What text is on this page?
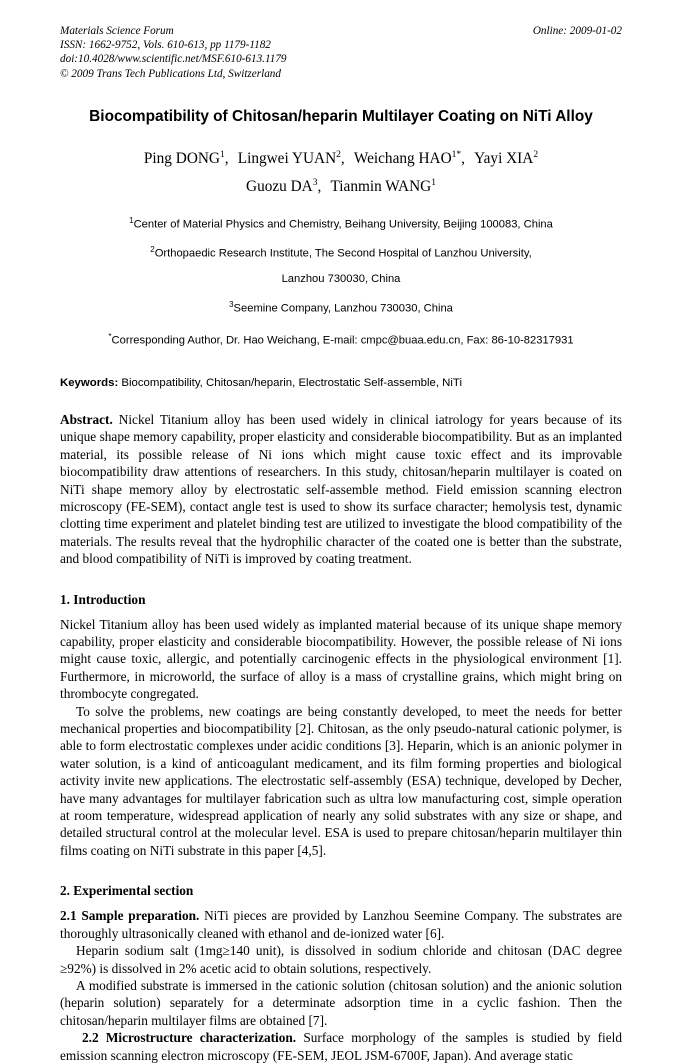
Materials Science Forum
ISSN: 1662-9752, Vols. 610-613, pp 1179-1182
doi:10.4028/www.scientific.net/MSF.610-613.1179
© 2009 Trans Tech Publications Ltd, Switzerland
Online: 2009-01-02
Biocompatibility of Chitosan/heparin Multilayer Coating on NiTi Alloy
Ping DONG$^1$,  Lingwei YUAN$^2$,  Weichang $HAO^{1*}$,  Yayi XIA$^2$
Guozu $DA^3$,  Tianmin WANG$^1$
$^1$Center of Material Physics and Chemistry, Beihang University, Beijing 100083, China
$^2$Orthopaedic Research Institute, The Second Hospital of Lanzhou University,
Lanzhou 730030, China
$^3$Seemine Company, Lanzhou 730030, China
*Corresponding Author, Dr. Hao Weichang, E-mail: cmpc@buaa.edu.cn, Fax: 86-10-82317931
Keywords: Biocompatibility, Chitosan/heparin, Electrostatic Self-assemble, NiTi
Abstract. Nickel Titanium alloy has been used widely in clinical iatrology for years because of its unique shape memory capability, proper elasticity and considerable biocompatibility. But as an implanted material, its possible release of Ni ions which might cause toxic effect and its improvable biocompatibility draw attentions of researchers. In this study, chitosan/heparin multilayer is coated on NiTi shape memory alloy by electrostatic self-assemble method. Field emission scanning electron microscopy (FE-SEM), contact angle test is used to show its surface character; hemolysis test, dynamic clotting time experiment and platelet binding test are utilized to investigate the blood compatibility of the materials. The results reveal that the hydrophilic character of the coated one is better than the substrate, and blood compatibility of NiTi is improved by coating treatment.
1. Introduction

Nickel Titanium alloy has been used widely as implanted material because of its unique shape memory capability, proper elasticity and considerable biocompatibility. However, the possible release of Ni ions might cause toxic, allergic, and potentially carcinogenic effects in the physiological environment [1]. Furthermore, in microworld, the surface of alloy is a mass of crystalline grains, which might bring on thrombocyte congregated.

To solve the problems, new coatings are being constantly developed, to meet the needs for better mechanical properties and biocompatibility [2]. Chitosan, as the only pseudo-natural cationic polymer, is able to form electrostatic complexes under acidic conditions [3]. Heparin, which is an anionic polymer in water solution, is a kind of anticoagulant medicament, and its film forming properties and biological activity invite new applications. The electrostatic self-assembly (ESA) technique, developed by Decher, have many advantages for multilayer fabrication such as ultra low manufacturing cost, simple operation at room temperature, widespread application of nearly any solid substrates with any size or shape, and detailed structural control at the molecular level. ESA is used to prepare chitosan/heparin multilayer thin films coating on NiTi substrate in this paper [4,5].

2. Experimental section

2.1 Sample preparation. NiTi pieces are provided by Lanzhou Seemine Company. The substrates are thoroughly ultrasonically cleaned with ethanol and de-ionized water [6].

Heparin sodium salt (1mg≥140 unit), is dissolved in sodium chloride and chitosan (DAC degree ≥92%) is dissolved in 2% acetic acid to obtain solutions, respectively.

A modified substrate is immersed in the cationic solution (chitosan solution) and the anionic solution (heparin solution) separately for a determinate adsorption time in a cyclic fashion. Then the chitosan/heparin multilayer films are obtained [7].

2.2 Microstructure characterization. Surface morphology of the samples is studied by field emission scanning electron microscopy (FE-SEM, JEOL JSM-6700F, Japan). And average static
